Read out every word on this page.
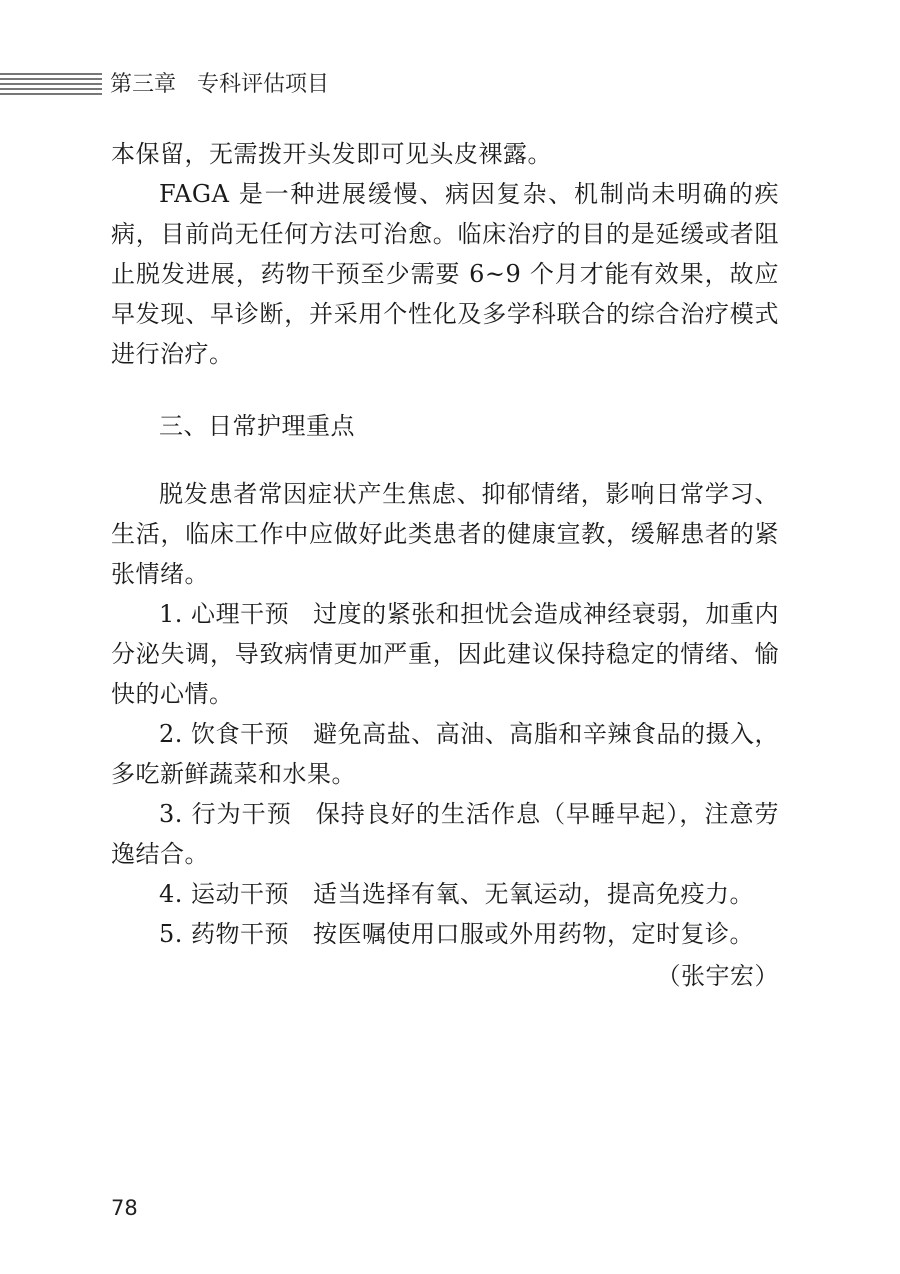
第三章 专科评估项目

本保留，无需拨开头发即可见头皮裸露。

FAGA 是一种进展缓慢、病因复杂、机制尚未明确的疾病，目前尚无任何方法可治愈。临床治疗的目的是延缓或者阻止脱发进展，药物干预至少需要 6~9 个月才能有效果，故应早发现、早诊断，并采用个性化及多学科联合的综合治疗模式进行治疗。

三、日常护理重点

脱发患者常因症状产生焦虑、抑郁情绪，影响日常学习、生活，临床工作中应做好此类患者的健康宣教，缓解患者的紧张情绪。

1. 心理干预 过度的紧张和担忧会造成神经衰弱，加重内分泌失调，导致病情更加严重，因此建议保持稳定的情绪、愉快的心情。

2. 饮食干预 避免高盐、高油、高脂和辛辣食品的摄入，多吃新鲜蔬菜和水果。

3. 行为干预 保持良好的生活作息（早睡早起），注意劳逸结合。

4. 运动干预 适当选择有氧、无氧运动，提高免疫力。

5. 药物干预 按医嘱使用口服或外用药物，定时复诊。

（张宇宏）

78
